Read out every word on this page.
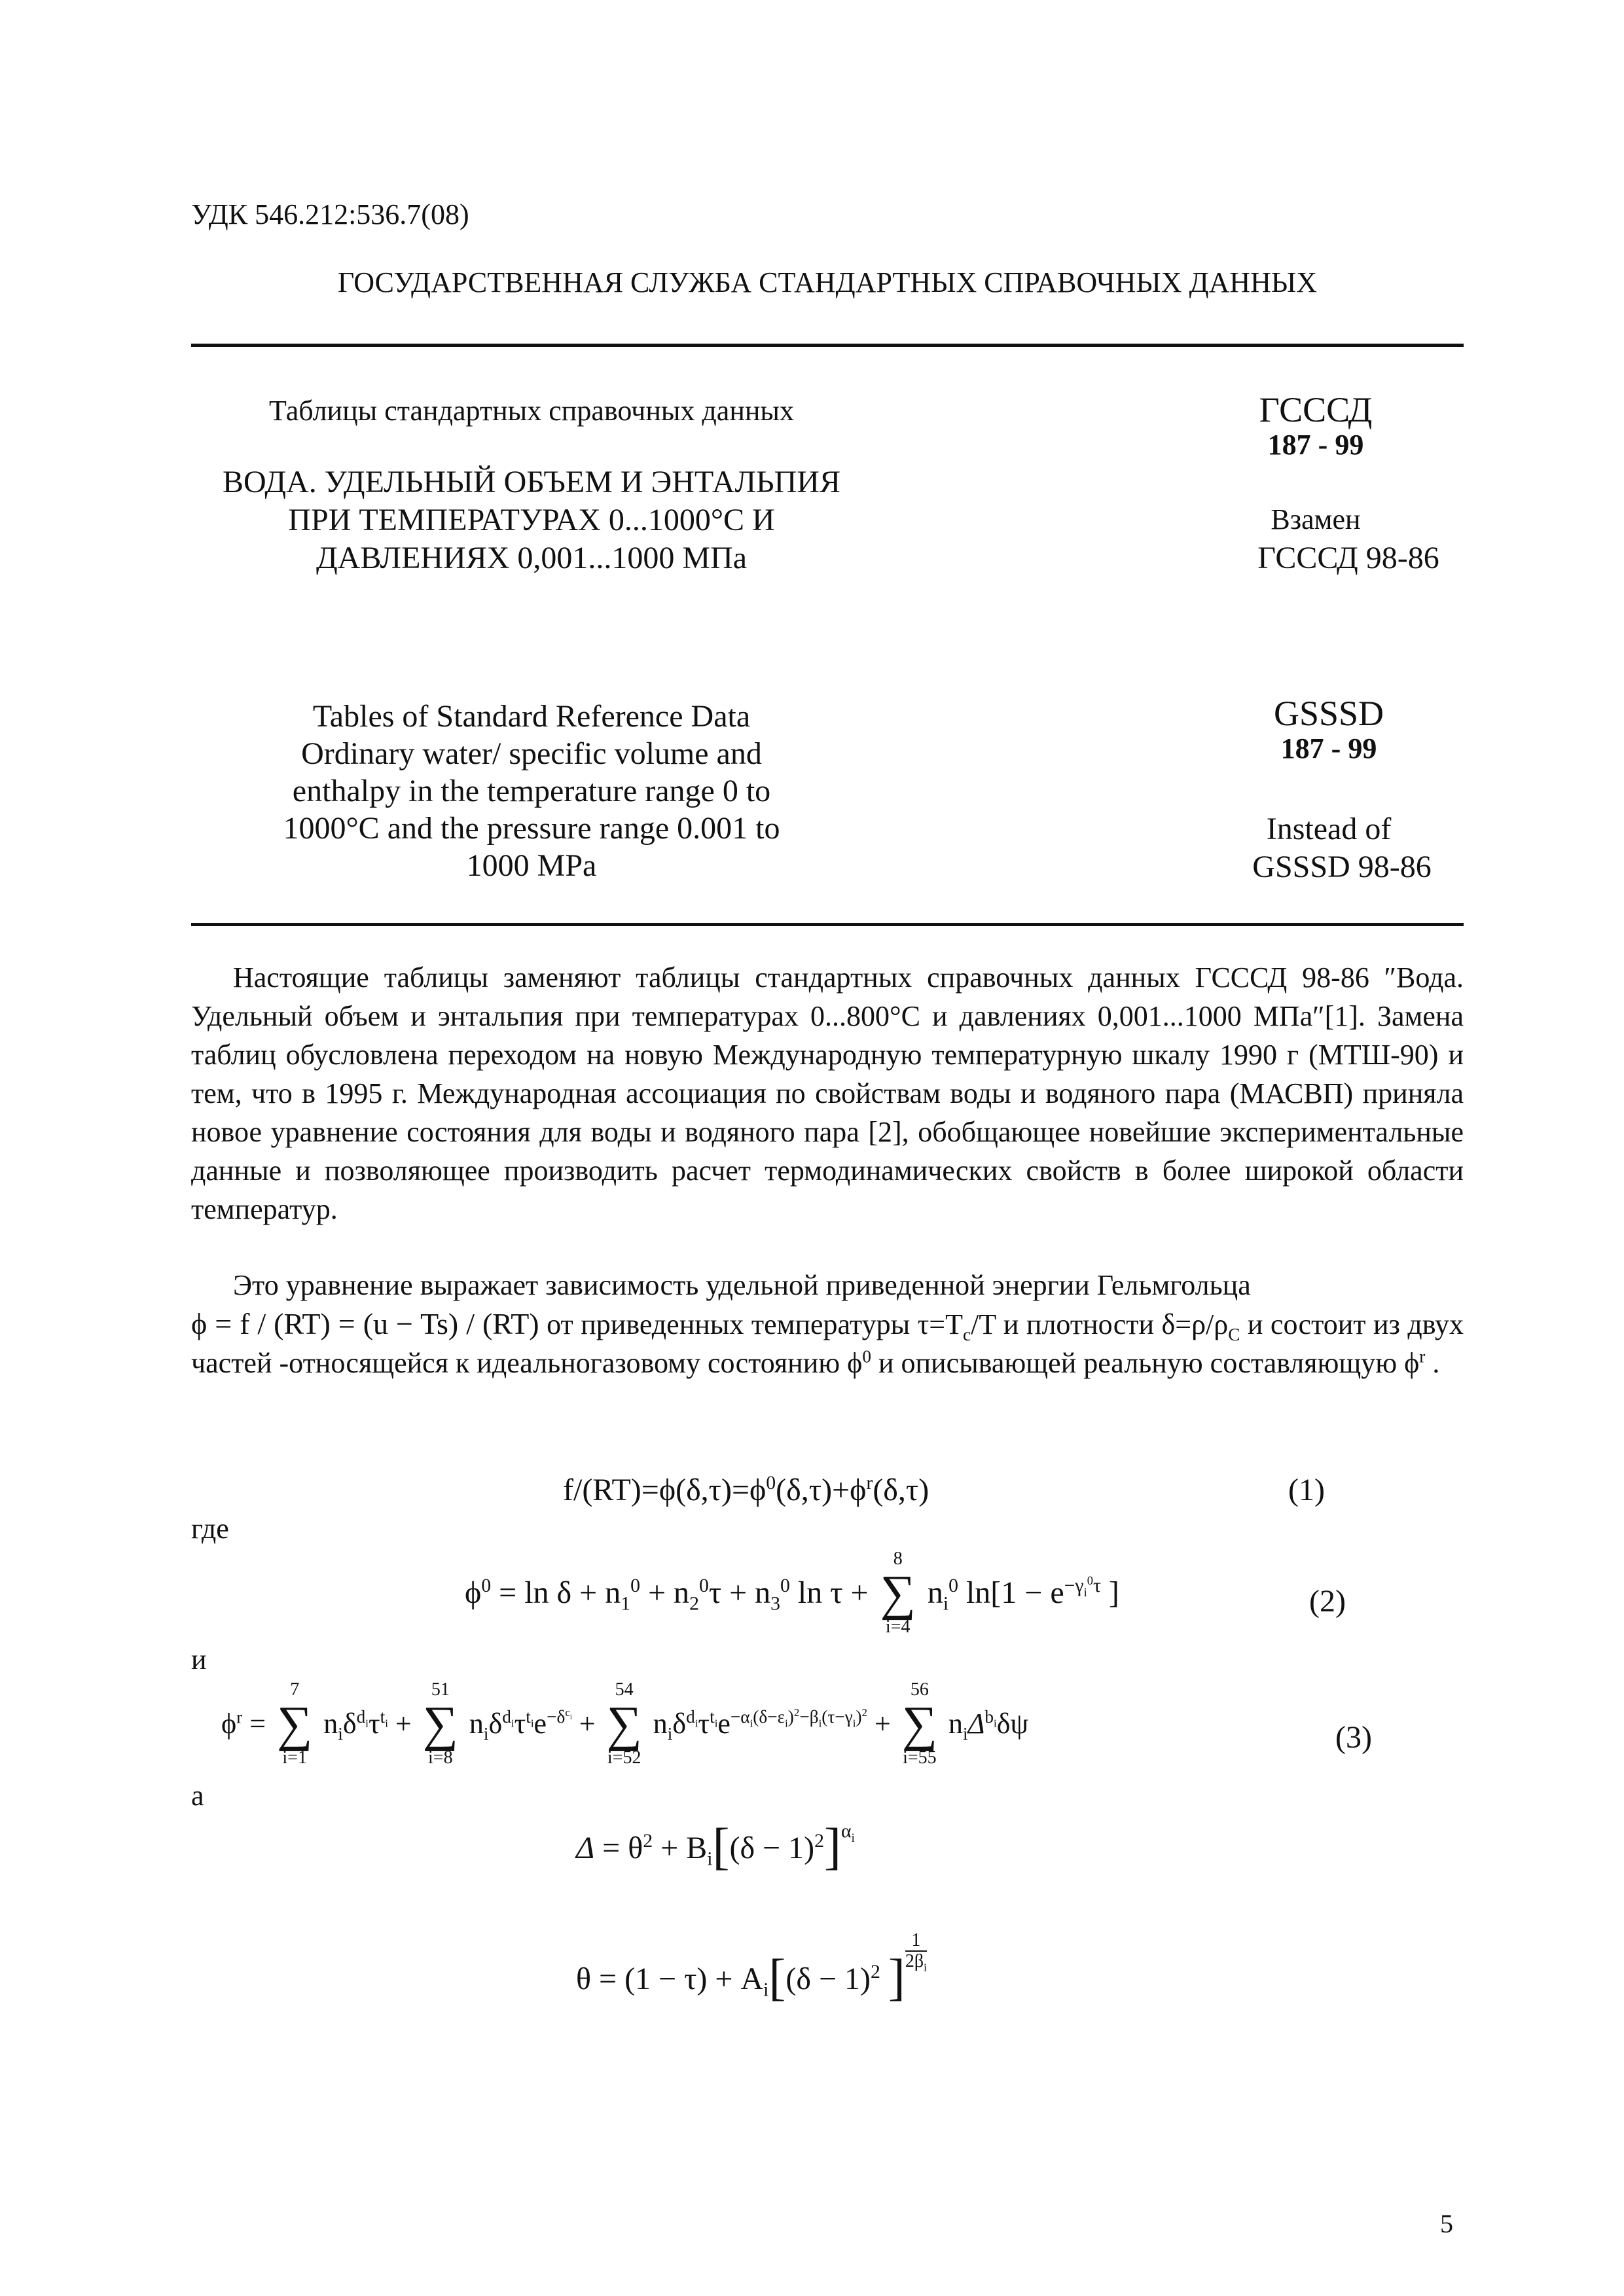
УДК 546.212:536.7(08)
ГОСУДАРСТВЕННАЯ СЛУЖБА СТАНДАРТНЫХ СПРАВОЧНЫХ ДАННЫХ
Таблицы стандартных справочных данных
ВОДА. УДЕЛЬНЫЙ ОБЪЕМ И ЭНТАЛЬПИЯ
ПРИ ТЕМПЕРАТУРАХ 0...1000°С И
ДАВЛЕНИЯХ 0,001...1000 МПа
ГСССД
187 - 99
Взамен
ГСССД 98-86
Tables of Standard Reference Data
Ordinary water/ specific volume and
enthalpy in the temperature range 0 to
1000°C and the pressure range 0.001 to
1000 MPa
GSSSD
187 - 99
Instead of
GSSSD 98-86
Настоящие таблицы заменяют таблицы стандартных справочных данных ГСССД 98-86 ″Вода. Удельный объем и энтальпия при температурах 0...800°С и давлениях 0,001...1000 МПа″[1]. Замена таблиц обусловлена переходом на новую Международную температурную шкалу 1990 г (МТШ-90) и тем, что в 1995 г. Международная ассоциация по свойствам воды и водяного пара (МАСВП) приняла новое уравнение состояния для воды и водяного пара [2], обобщающее новейшие экспериментальные данные и позволяющее производить расчет термодинамических свойств в более широкой области температур.
Это уравнение выражает зависимость удельной приведенной энергии Гельмгольца
ϕ = f / (RT) = (u − Ts) / (RT) от приведенных температуры $\tau=T_c/T$ и плотности $\delta=\rho/\rho_C$ и состоит из двух частей -относящейся к идеальногазовому состоянию $\phi^0$ и описывающей реальную составляющую $\phi^r$ .
$f/(RT)=\phi(\delta,\tau)=\phi^0(\delta,\tau)+\phi^r(\delta,\tau)$	(1)
где
$\phi^0 = \ln \delta + n_1^0 + n_2^0\tau + n_3^0$ ln τ +
8
∑
i=4
$n_i^0$ $\ln[1 - e^{-\gamma_i^0\tau}$ ]	(2)
и
$\phi^r$ =
7
∑
i=1
$n_i\delta^{d_i}\tau^{t_i}$ +
51
∑
i=8
$n_i\delta^{d_i}\tau^{t_i}e^{-\delta^{c_i}}$ +
54
∑
i=52
$n_i\delta^{d_i}\tau^{t_i}e^{-\alpha_i(\delta-\varepsilon_i)^2-\beta_i(\tau-\gamma_i)^2}$ +
56
∑
i=55
$n_i\Delta^{b_i}\delta\psi$	(3)
а
$\Delta = \theta^2 + B_i[(\delta - 1)^2]^{\alpha_i}$
$\theta = (1 - \tau) + A_i[(\delta - 1)^2$ ] $\frac{1}{2\beta_i}$
5
